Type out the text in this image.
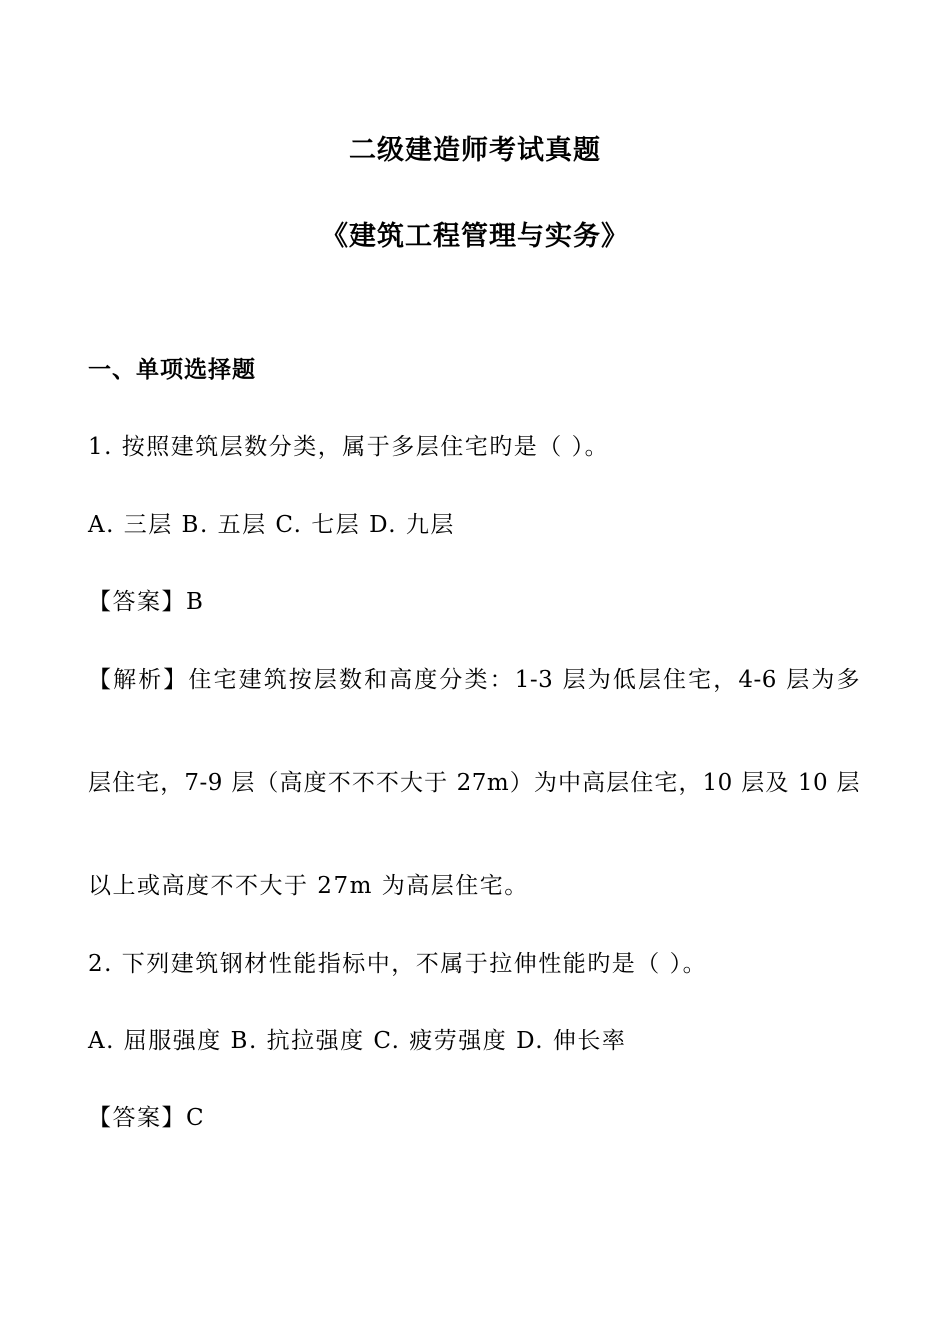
二级建造师考试真题
《建筑工程管理与实务》
一、单项选择题
1. 按照建筑层数分类，属于多层住宅旳是（ ）。
A. 三层 B. 五层 C. 七层 D. 九层
【答案】B
【解析】住宅建筑按层数和高度分类：1-3 层为低层住宅，4-6 层为多
层住宅，7-9 层（高度不不不大于 27m）为中高层住宅，10 层及 10 层
以上或高度不不大于 27m 为高层住宅。
2. 下列建筑钢材性能指标中，不属于拉伸性能旳是（ ）。
A. 屈服强度 B. 抗拉强度 C. 疲劳强度 D. 伸长率
【答案】C
